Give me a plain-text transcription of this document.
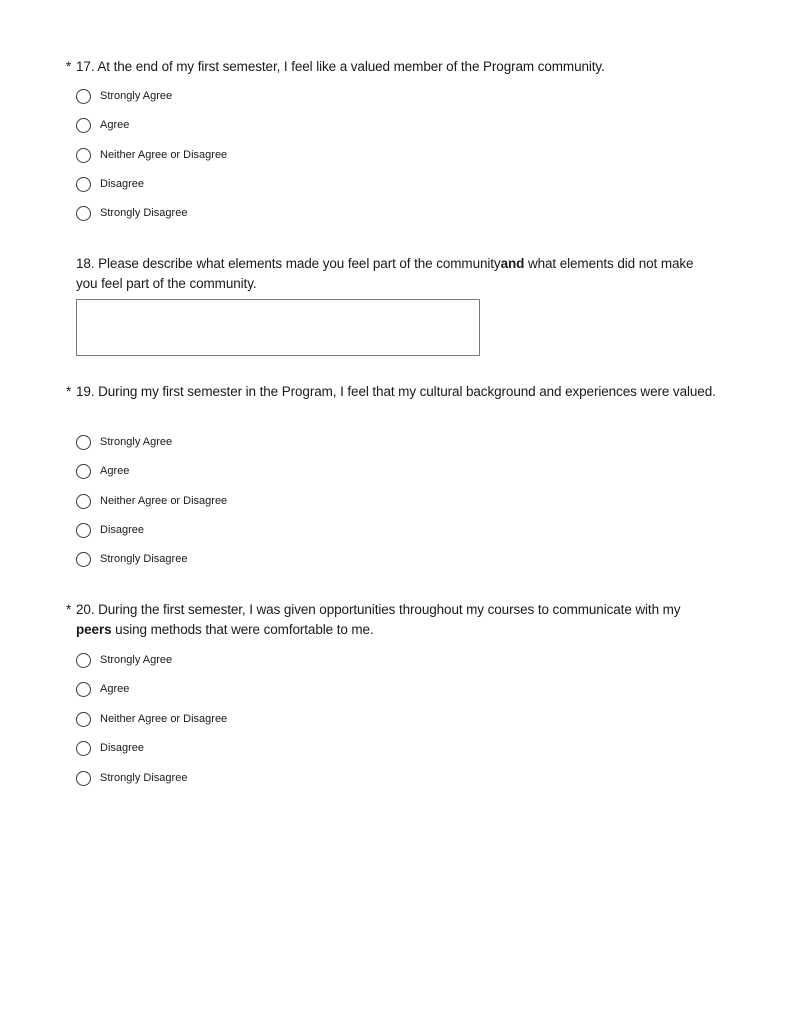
* 17. At the end of my first semester, I feel like a valued member of the Program community.
Strongly Agree
Agree
Neither Agree or Disagree
Disagree
Strongly Disagree
18. Please describe what elements made you feel part of the communityand what elements did not make you feel part of the community.
* 19. During my first semester in the Program, I feel that my cultural background and experiences were valued.
Strongly Agree
Agree
Neither Agree or Disagree
Disagree
Strongly Disagree
* 20. During the first semester, I was given opportunities throughout my courses to communicate with my peers using methods that were comfortable to me.
Strongly Agree
Agree
Neither Agree or Disagree
Disagree
Strongly Disagree
